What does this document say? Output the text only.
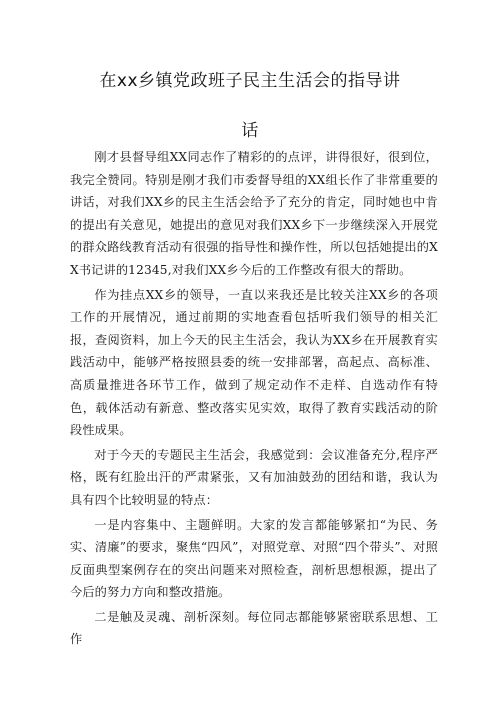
在xx乡镇党政班子民主生活会的指导讲
话

刚才县督导组XX同志作了精彩的的点评，讲得很好，很到位，我完全赞同。特别是刚才我们市委督导组的XX组长作了非常重要的讲话，对我们XX乡的民主生活会给予了充分的肯定，同时她也中肯的提出有关意见，她提出的意见对我们XX乡下一步继续深入开展党的群众路线教育活动有很强的指导性和操作性，所以包括她提出的XX书记讲的12345,对我们XX乡今后的工作整改有很大的帮助。

作为挂点XX乡的领导，一直以来我还是比较关注XX乡的各项工作的开展情况，通过前期的实地查看包括听我们领导的相关汇报，查阅资料，加上今天的民主生活会，我认为XX乡在开展教育实践活动中，能够严格按照县委的统一安排部署，高起点、高标准、高质量推进各环节工作，做到了规定动作不走样、自选动作有特色，载体活动有新意、整改落实见实效，取得了教育实践活动的阶段性成果。

对于今天的专题民主生活会，我感觉到：会议准备充分,程序严格，既有红脸出汗的严肃紧张，又有加油鼓劲的团结和谐，我认为具有四个比较明显的特点：

一是内容集中、主题鲜明。大家的发言都能够紧扣“为民、务实、清廉”的要求，聚焦“四风”，对照党章、对照“四个带头”、对照反面典型案例存在的突出问题来对照检查，剖析思想根源，提出了今后的努力方向和整改措施。

二是触及灵魂、剖析深刻。每位同志都能够紧密联系思想、工作
